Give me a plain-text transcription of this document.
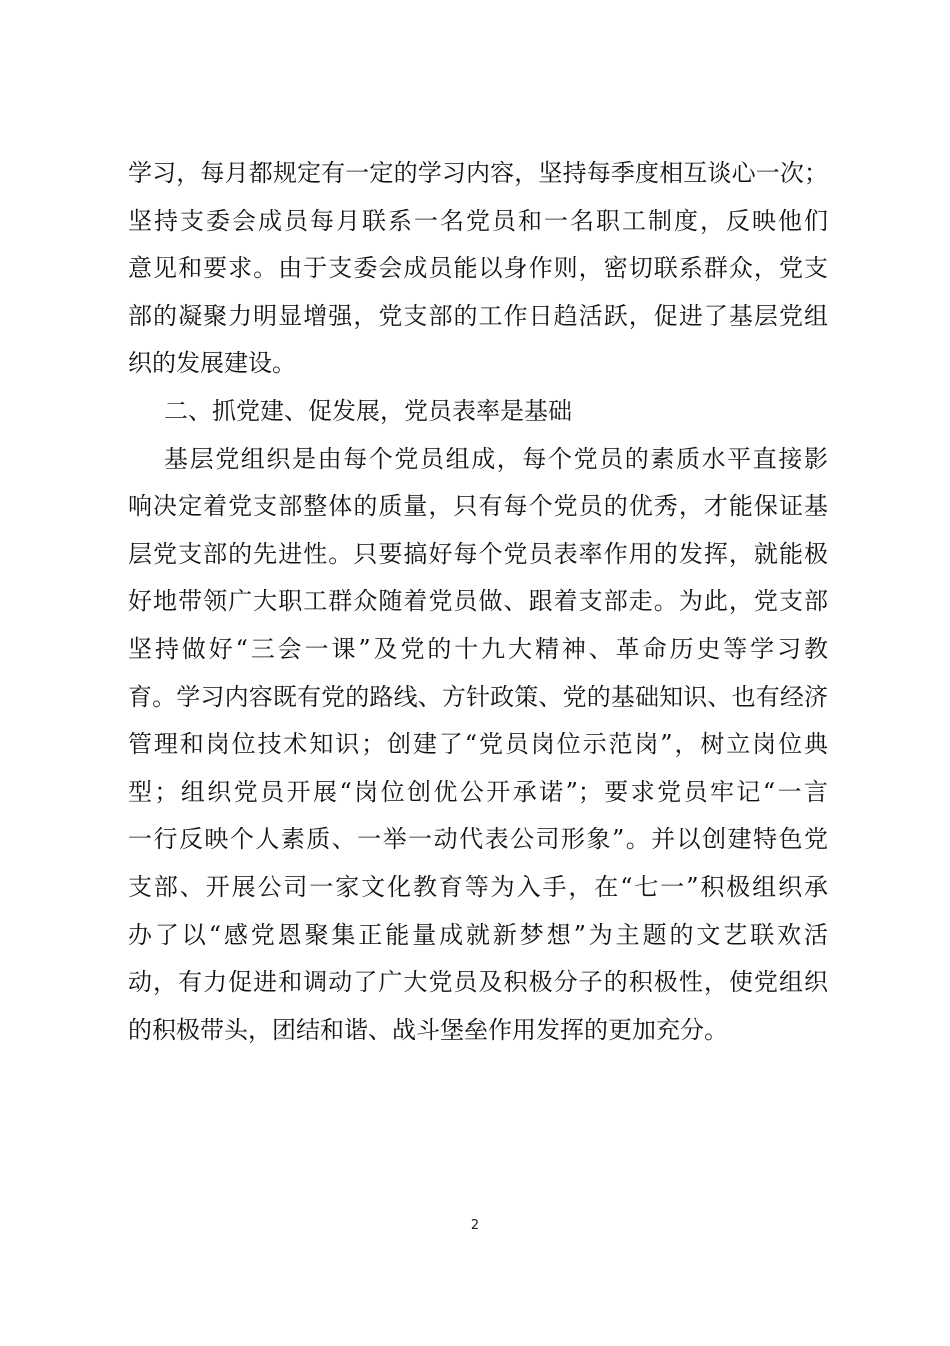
学习，每月都规定有一定的学习内容，坚持每季度相互谈心一次；
坚持支委会成员每月联系一名党员和一名职工制度，反映他们
意见和要求。由于支委会成员能以身作则，密切联系群众，党支
部的凝聚力明显增强，党支部的工作日趋活跃，促进了基层党组
织的发展建设。
二、抓党建、促发展，党员表率是基础
基层党组织是由每个党员组成，每个党员的素质水平直接影
响决定着党支部整体的质量，只有每个党员的优秀，才能保证基
层党支部的先进性。只要搞好每个党员表率作用的发挥，就能极
好地带领广大职工群众随着党员做、跟着支部走。为此，党支部
坚持做好“三会一课”及党的十九大精神、革命历史等学习教
育。学习内容既有党的路线、方针政策、党的基础知识、也有经济
管理和岗位技术知识；创建了“党员岗位示范岗”，树立岗位典
型；组织党员开展“岗位创优公开承诺”；要求党员牢记“一言
一行反映个人素质、一举一动代表公司形象”。并以创建特色党
支部、开展公司一家文化教育等为入手，在“七一”积极组织承
办了以“感党恩聚集正能量成就新梦想”为主题的文艺联欢活
动，有力促进和调动了广大党员及积极分子的积极性，使党组织
的积极带头，团结和谐、战斗堡垒作用发挥的更加充分。
2
